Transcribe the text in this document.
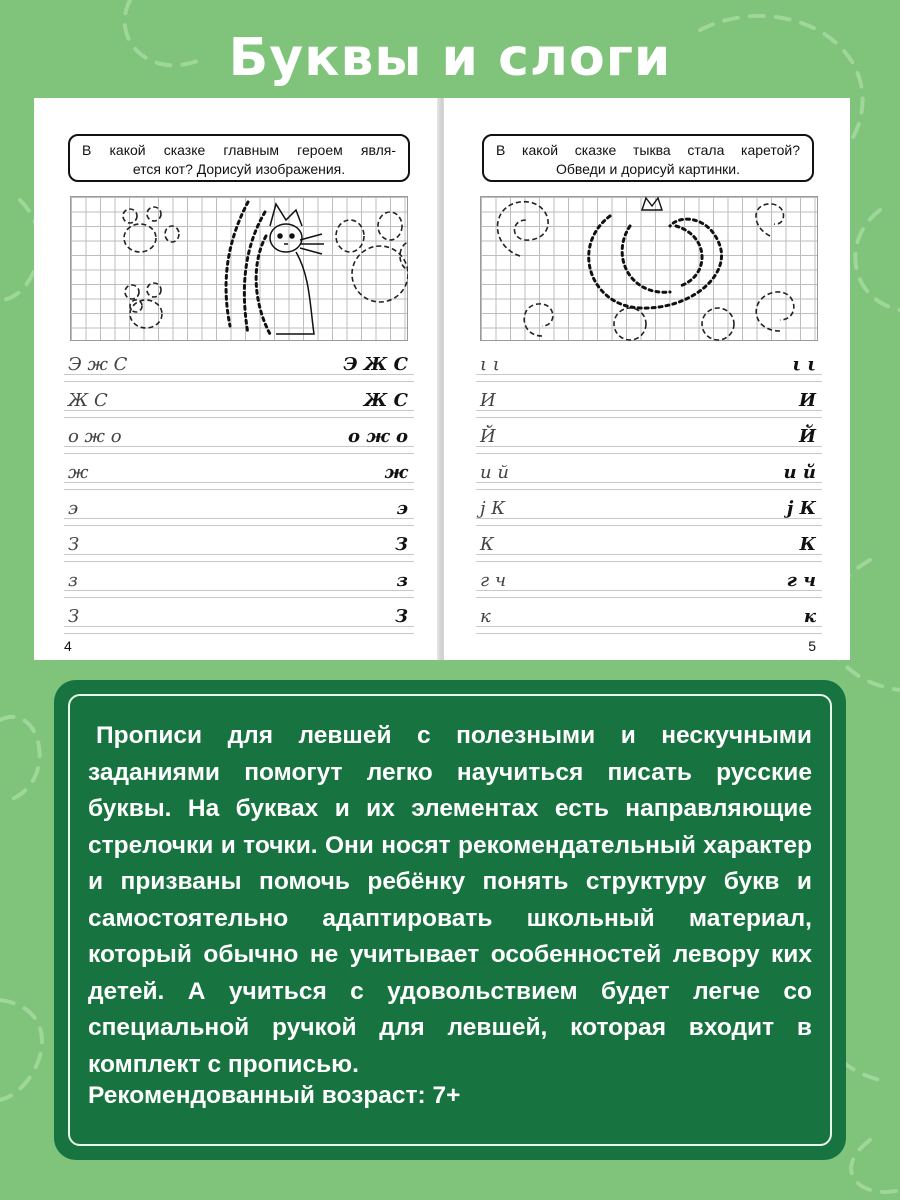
Буквы и слоги
В какой сказке главным героем явля-
ется кот? Дорисуй изображения.
Э ж С	Э Ж С
Ж С	Ж С
о ж о	о ж о
ж	ж
э	э
З	З
з	з
З	З
4
В какой сказке тыква стала каретой?
Обведи и дорисуй картинки.
ι ι	ι ι
И	И
Й	Й
и й	и й
ј К	ј К
К	К
г ч	г ч
к	к
5

Прописи для левшей с полезными и нескучными заданиями помогут легко научиться писать русские буквы. На буквах и их элементах есть направляющие стрелочки и точки. Они носят рекомендательный характер и призваны помочь ребёнку понять структуру букв и самостоятельно адаптировать школьный материал, который обычно не учитывает особенностей левору ких детей. А учиться с удовольствием будет легче со специальной ручкой для левшей, которая входит в комплект с прописью.

Рекомендованный возраст: 7+
